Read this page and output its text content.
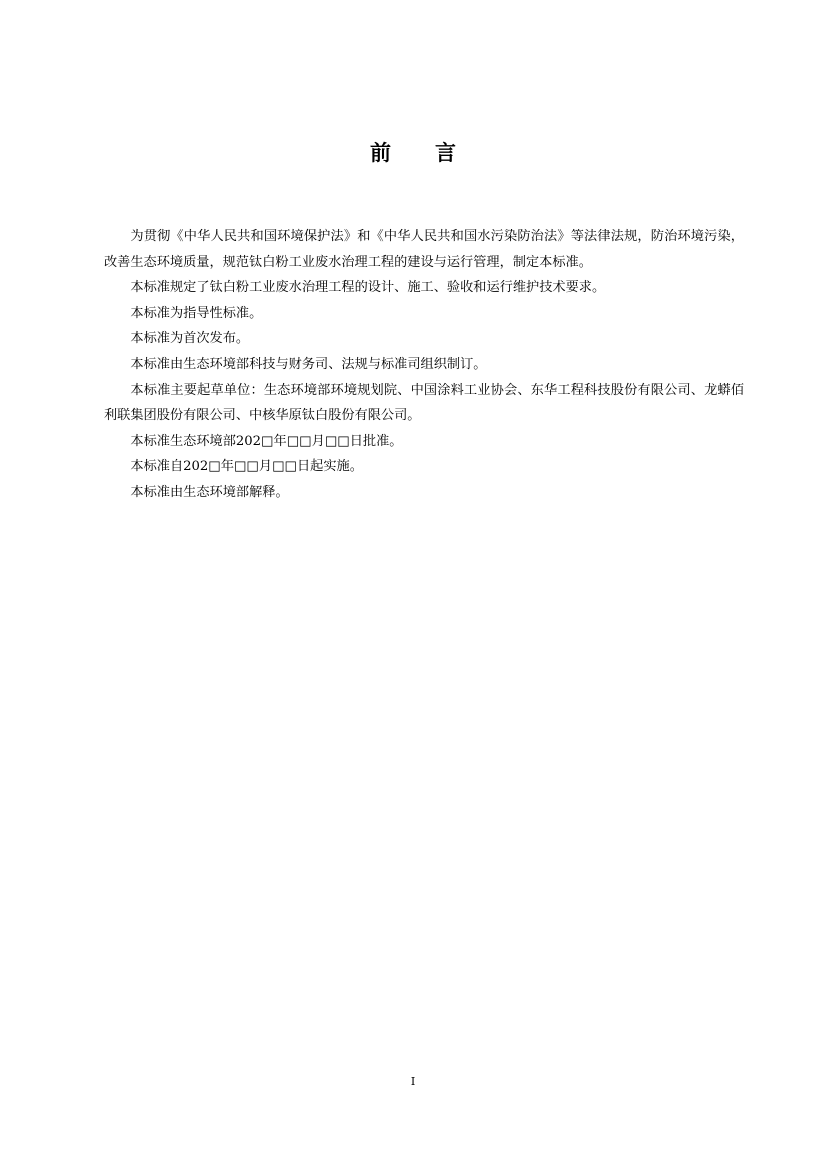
前言

为贯彻《中华人民共和国环境保护法》和《中华人民共和国水污染防治法》等法律法规，防治环境污染，改善生态环境质量，规范钛白粉工业废水治理工程的建设与运行管理，制定本标准。

本标准规定了钛白粉工业废水治理工程的设计、施工、验收和运行维护技术要求。

本标准为指导性标准。

本标准为首次发布。

本标准由生态环境部科技与财务司、法规与标准司组织制订。

本标准主要起草单位：生态环境部环境规划院、中国涂料工业协会、东华工程科技股份有限公司、龙蟒佰利联集团股份有限公司、中核华原钛白股份有限公司。

本标准生态环境部202□年□□月□□日批准。

本标准自202□年□□月□□日起实施。

本标准由生态环境部解释。

I
